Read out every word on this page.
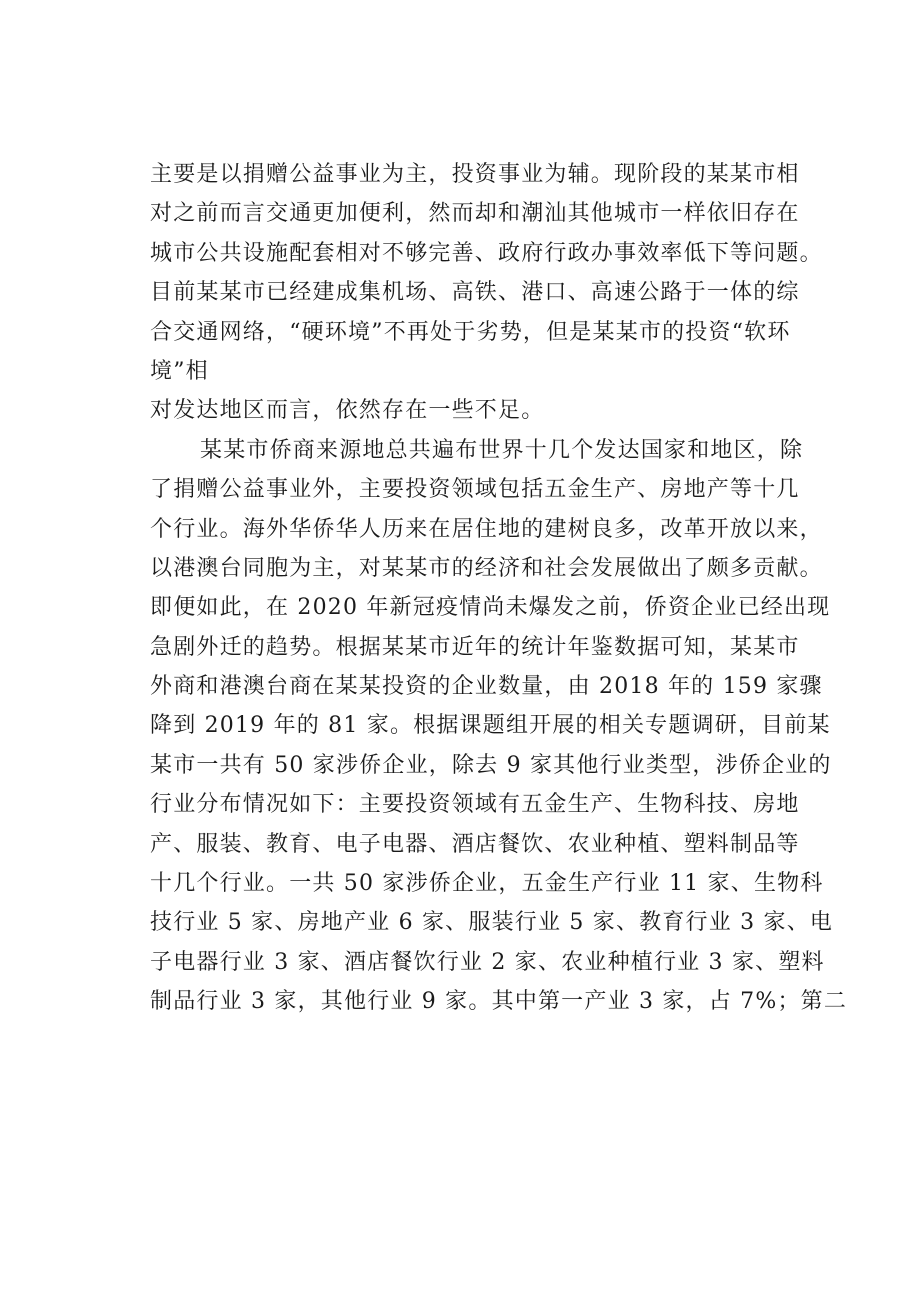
主要是以捐赠公益事业为主，投资事业为辅。现阶段的某某市相
对之前而言交通更加便利，然而却和潮汕其他城市一样依旧存在
城市公共设施配套相对不够完善、政府行政办事效率低下等问题。
目前某某市已经建成集机场、高铁、港口、高速公路于一体的综
合交通网络，“硬环境”不再处于劣势，但是某某市的投资“软环
境”相
对发达地区而言，依然存在一些不足。
某某市侨商来源地总共遍布世界十几个发达国家和地区，除
了捐赠公益事业外，主要投资领域包括五金生产、房地产等十几
个行业。海外华侨华人历来在居住地的建树良多，改革开放以来，
以港澳台同胞为主，对某某市的经济和社会发展做出了颇多贡献。
即便如此，在 2020 年新冠疫情尚未爆发之前，侨资企业已经出现
急剧外迁的趋势。根据某某市近年的统计年鉴数据可知，某某市
外商和港澳台商在某某投资的企业数量，由 2018 年的 159 家骤
降到 2019 年的 81 家。根据课题组开展的相关专题调研，目前某
某市一共有 50 家涉侨企业，除去 9 家其他行业类型，涉侨企业的
行业分布情况如下：主要投资领域有五金生产、生物科技、房地
产、服装、教育、电子电器、酒店餐饮、农业种植、塑料制品等
十几个行业。一共 50 家涉侨企业，五金生产行业 11 家、生物科
技行业 5 家、房地产业 6 家、服装行业 5 家、教育行业 3 家、电
子电器行业 3 家、酒店餐饮行业 2 家、农业种植行业 3 家、塑料
制品行业 3 家，其他行业 9 家。其中第一产业 3 家，占 7%；第二
